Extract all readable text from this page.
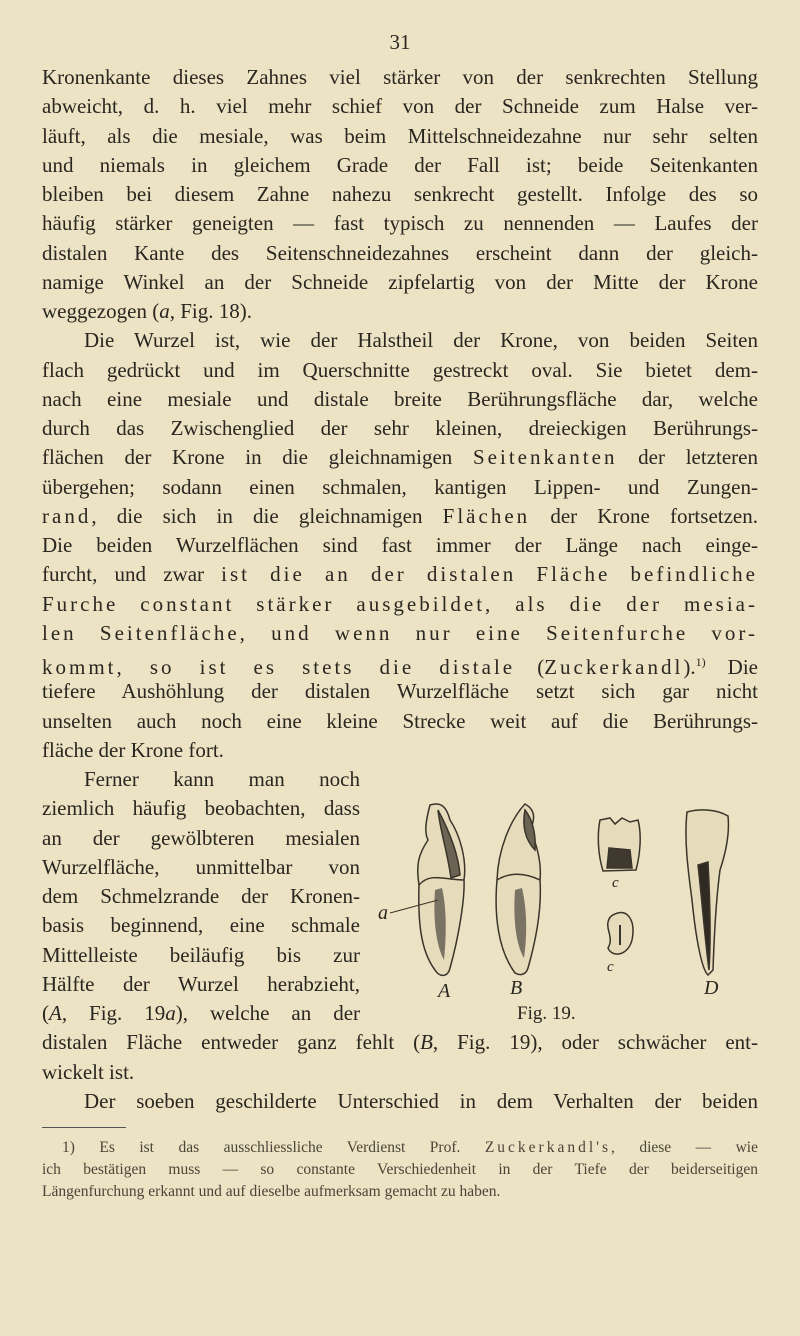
31
Kronenkante dieses Zahnes viel stärker von der senkrechten Stellung
abweicht, d. h. viel mehr schief von der Schneide zum Halse ver-
läuft, als die mesiale, was beim Mittelschneidezahne nur sehr selten
und niemals in gleichem Grade der Fall ist; beide Seitenkanten
bleiben bei diesem Zahne nahezu senkrecht gestellt. Infolge des so
häufig stärker geneigten — fast typisch zu nennenden — Laufes der
distalen Kante des Seitenschneidezahnes erscheint dann der gleich-
namige Winkel an der Schneide zipfelartig von der Mitte der Krone
weggezogen (a, Fig. 18).
Die Wurzel ist, wie der Halstheil der Krone, von beiden Seiten
flach gedrückt und im Querschnitte gestreckt oval. Sie bietet dem-
nach eine mesiale und distale breite Berührungsfläche dar, welche
durch das Zwischenglied der sehr kleinen, dreieckigen Berührungs-
flächen der Krone in die gleichnamigen Seitenkanten der letzteren
übergehen; sodann einen schmalen, kantigen Lippen- und Zungen-
rand, die sich in die gleichnamigen Flächen der Krone fortsetzen.
Die beiden Wurzelflächen sind fast immer der Länge nach einge-
furcht, und zwar ist die an der distalen Fläche befindliche
Furche constant stärker ausgebildet, als die der mesia-
len Seitenfläche, und wenn nur eine Seitenfurche vor-
kommt, so ist es stets die distale (Zuckerkandl).$^{1)}$ Die
tiefere Aushöhlung der distalen Wurzelfläche setzt sich gar nicht
unselten auch noch eine kleine Strecke weit auf die Berührungs-
fläche der Krone fort.
Ferner kann man noch
ziemlich häufig beobachten, dass
an der gewölbteren mesialen
Wurzelfläche, unmittelbar von
dem Schmelzrande der Kronen-
basis beginnend, eine schmale
Mittelleiste beiläufig bis zur
Hälfte der Wurzel herabzieht,
(A, Fig. 19a), welche an der
distalen Fläche entweder ganz fehlt (B, Fig. 19), oder schwächer ent-
wickelt ist.
Der soeben geschilderte Unterschied in dem Verhalten der beiden
1) Es ist das ausschliessliche Verdienst Prof. Zuckerkandl's, diese — wie
ich bestätigen muss — so constante Verschiedenheit in der Tiefe der beiderseitigen
Längenfurchung erkannt und auf dieselbe aufmerksam gemacht zu haben.
a
A	B
c
c
D
Fig. 19.
